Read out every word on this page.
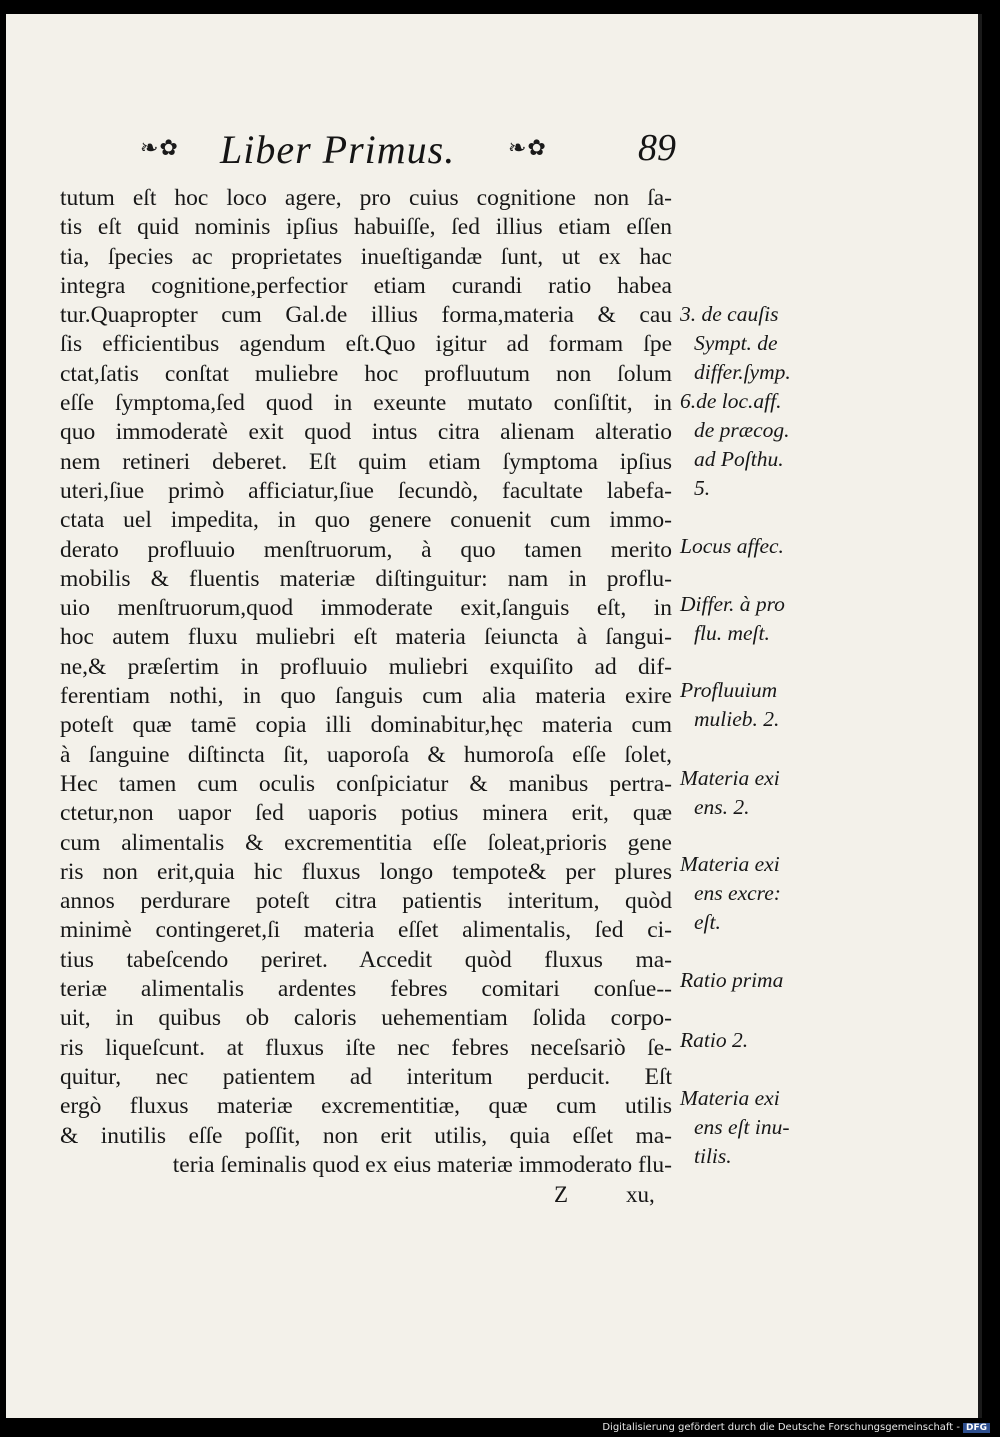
❧✿ Liber Primus. ❧✿ 89
tutum eſt hoc loco agere, pro cuius cognitione non ſa-
tis eſt quid nominis ipſius habuiſſe, ſed illius etiam eſſen
tia, ſpecies ac proprietates inueſtigandæ ſunt, ut ex hac
integra cognitione,perfectior etiam curandi ratio habea
tur.Quapropter cum Gal.de illius forma,materia & cau
ſis efficientibus agendum eſt.Quo igitur ad formam ſpe
ctat,ſatis conſtat muliebre hoc profluutum non ſolum
eſſe ſymptoma,ſed quod in exeunte mutato conſiſtit, in
quo immoderatè exit quod intus citra alienam alteratio
nem retineri deberet. Eſt quim etiam ſymptoma ipſius
uteri,ſiue primò afficiatur,ſiue ſecundò, facultate labefa-
ctata uel impedita, in quo genere conuenit cum immo-
derato profluuio menſtruorum, à quo tamen merito
mobilis & fluentis materiæ diſtinguitur: nam in proflu-
uio menſtruorum,quod immoderate exit,ſanguis eſt, in
hoc autem fluxu muliebri eſt materia ſeiuncta à ſangui-
ne,& præſertim in profluuio muliebri exquiſito ad dif-
ferentiam nothi, in quo ſanguis cum alia materia exire
poteſt quæ tamē copia illi dominabitur,hęc materia cum
à ſanguine diſtincta ſit, uaporoſa & humoroſa eſſe ſolet,
Hec tamen cum oculis conſpiciatur & manibus pertra-
ctetur,non uapor ſed uaporis potius minera erit, quæ
cum alimentalis & excrementitia eſſe ſoleat,prioris gene
ris non erit,quia hic fluxus longo tempote& per plures
annos perdurare poteſt citra patientis interitum, quòd
minimè contingeret,ſi materia eſſet alimentalis, ſed ci-
tius tabeſcendo periret. Accedit quòd fluxus ma-
teriæ alimentalis ardentes febres comitari conſue--
uit, in quibus ob caloris uehementiam ſolida corpo-
ris liqueſcunt. at fluxus iſte nec febres neceſsariò ſe-
quitur, nec patientem ad interitum perducit. Eſt
ergò fluxus materiæ excrementitiæ, quæ cum utilis
& inutilis eſſe poſſit, non erit utilis, quia eſſet ma-
teria ſeminalis quod ex eius materiæ immoderato flu-
3. de cauſis
Sympt. de
differ.ſymp.
6.de loc.aff.
de præcog.
ad Poſthu.
5.
Locus affec.
Differ. à pro
flu. meſt.
Profluuium
mulieb. 2.
Materia exi
ens. 2.
Materia exi
ens excre:
eſt.
Ratio prima
Ratio 2.
Materia exi
ens eſt inu-
tilis.
Z	xu,
Digitalisierung gefördert durch die Deutsche Forschungsgemeinschaft - DFG
